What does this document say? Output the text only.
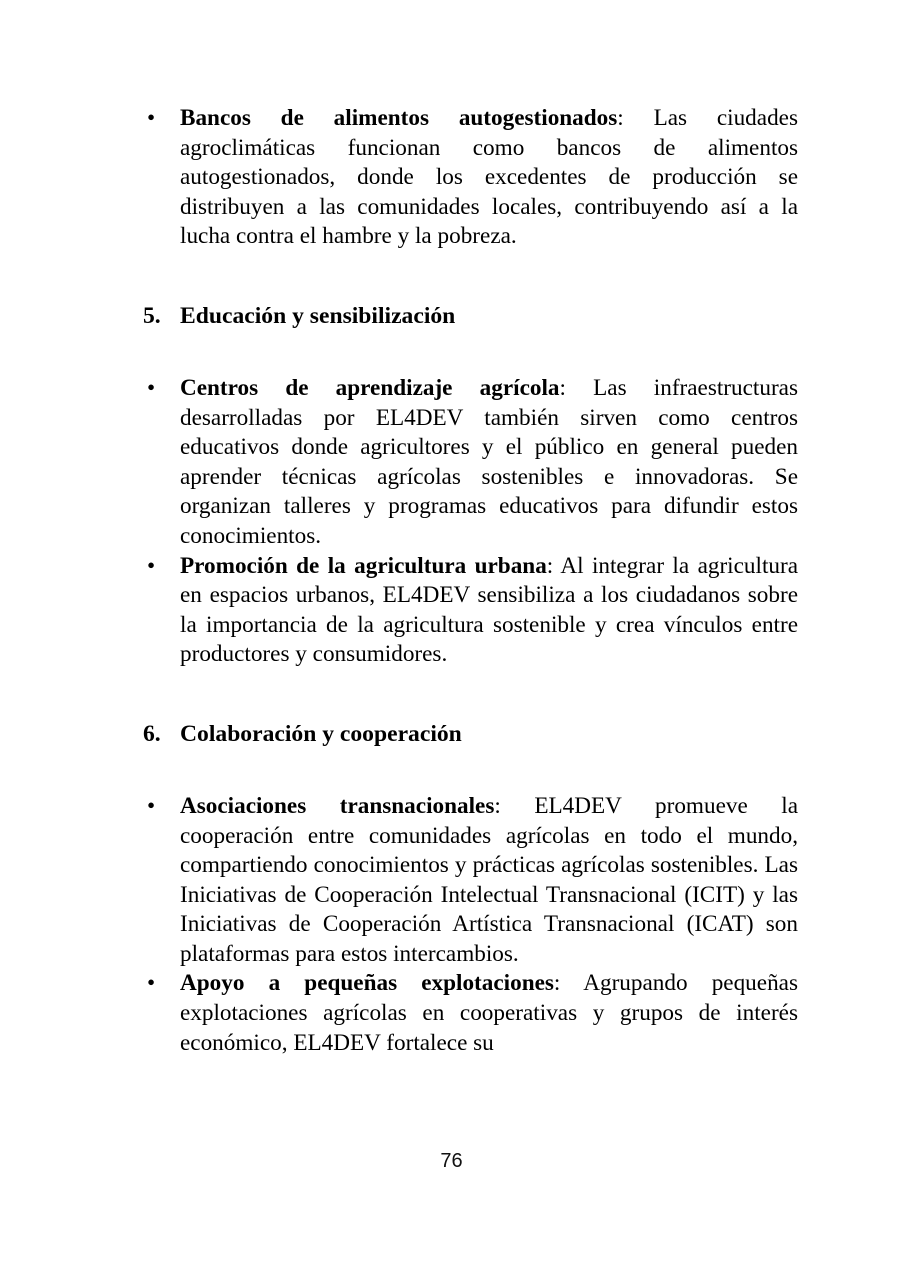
•	Bancos de alimentos autogestionados: Las ciudades agroclimáticas funcionan como bancos de alimentos autogestionados, donde los excedentes de producción se distribuyen a las comunidades locales, contribuyendo así a la lucha contra el hambre y la pobreza.

5. Educación y sensibilización

•	Centros de aprendizaje agrícola: Las infraestructuras desarrolladas por EL4DEV también sirven como centros educativos donde agricultores y el público en general pueden aprender técnicas agrícolas sostenibles e innovadoras. Se organizan talleres y programas educativos para difundir estos conocimientos.

•	Promoción de la agricultura urbana: Al integrar la agricultura en espacios urbanos, EL4DEV sensibiliza a los ciudadanos sobre la importancia de la agricultura sostenible y crea vínculos entre productores y consumidores.

6. Colaboración y cooperación

•	Asociaciones transnacionales: EL4DEV promueve la cooperación entre comunidades agrícolas en todo el mundo, compartiendo conocimientos y prácticas agrícolas sostenibles. Las Iniciativas de Cooperación Intelectual Transnacional (ICIT) y las Iniciativas de Cooperación Artística Transnacional (ICAT) son plataformas para estos intercambios.

•	Apoyo a pequeñas explotaciones: Agrupando pequeñas explotaciones agrícolas en cooperativas y grupos de interés económico, EL4DEV fortalece su

76
